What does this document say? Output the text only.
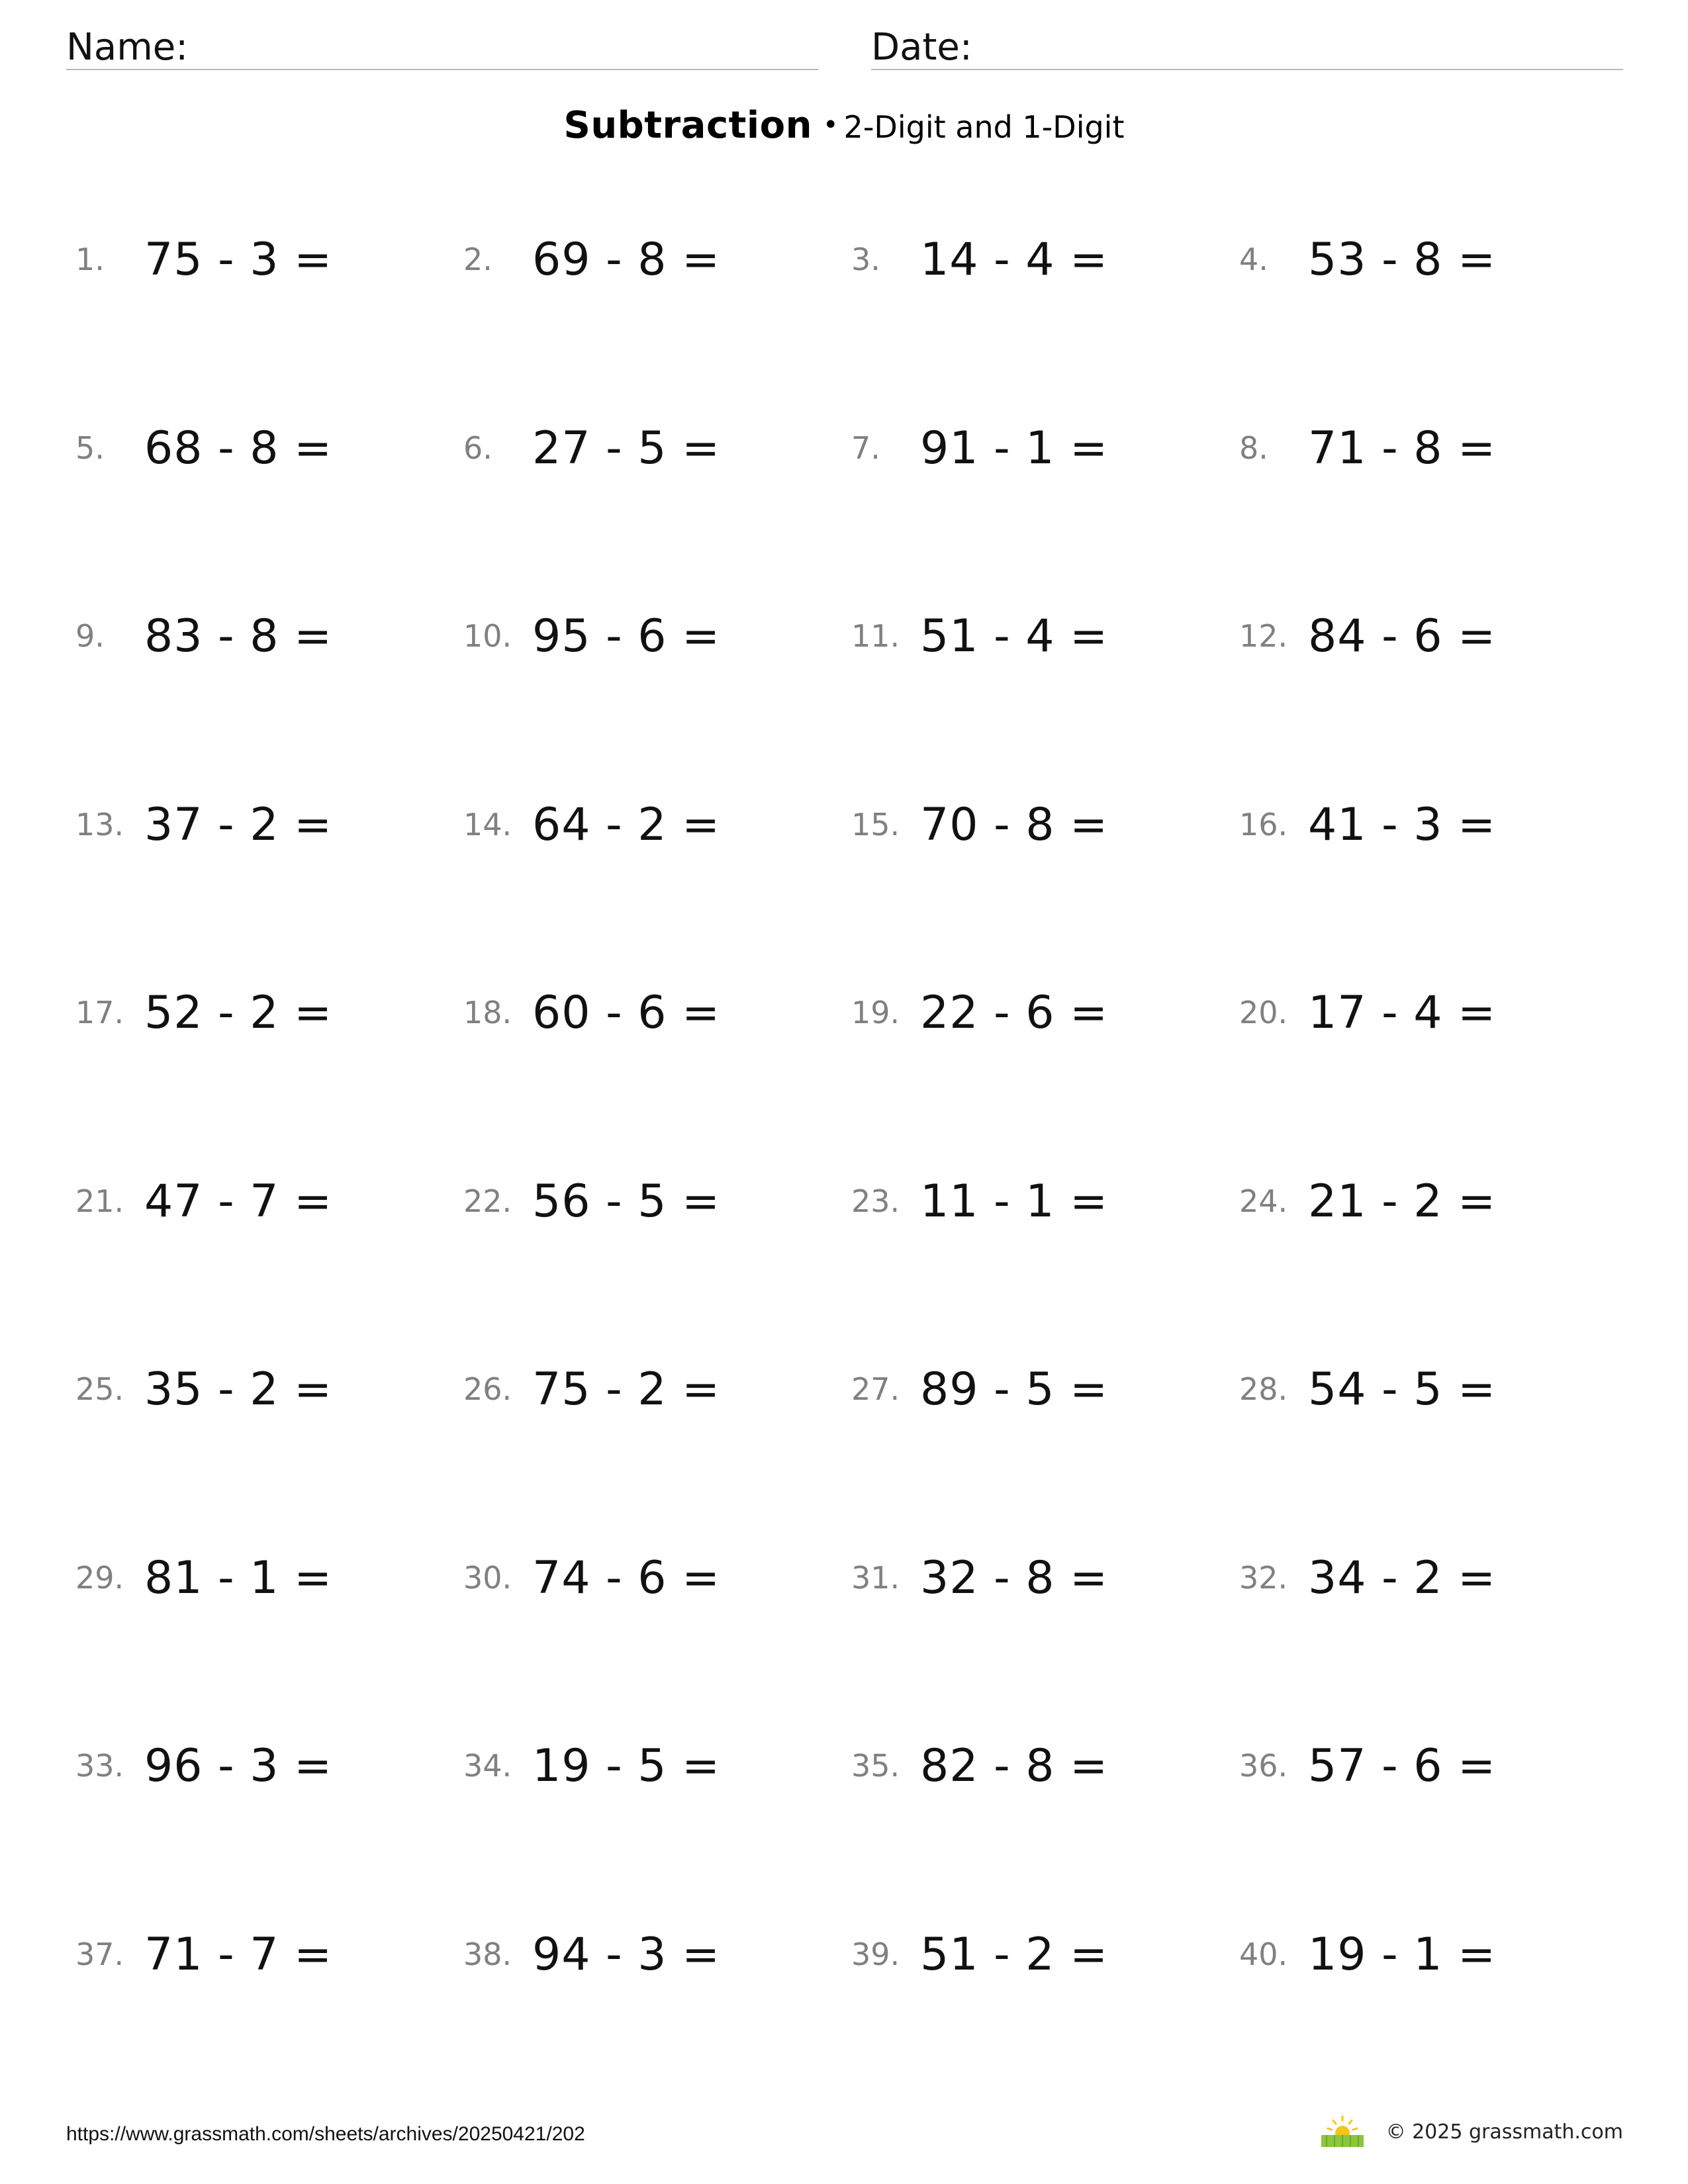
Name:	Date:
Subtraction • 2-Digit and 1-Digit
1. 75 - 3 =	2. 69 - 8 =	3. 14 - 4 =	4. 53 - 8 =
5. 68 - 8 =	6. 27 - 5 =	7. 91 - 1 =	8. 71 - 8 =
9. 83 - 8 =	10. 95 - 6 =	11. 51 - 4 =	12. 84 - 6 =
13. 37 - 2 =	14. 64 - 2 =	15. 70 - 8 =	16. 41 - 3 =
17. 52 - 2 =	18. 60 - 6 =	19. 22 - 6 =	20. 17 - 4 =
21. 47 - 7 =	22. 56 - 5 =	23. 11 - 1 =	24. 21 - 2 =
25. 35 - 2 =	26. 75 - 2 =	27. 89 - 5 =	28. 54 - 5 =
29. 81 - 1 =	30. 74 - 6 =	31. 32 - 8 =	32. 34 - 2 =
33. 96 - 3 =	34. 19 - 5 =	35. 82 - 8 =	36. 57 - 6 =
37. 71 - 7 =	38. 94 - 3 =	39. 51 - 2 =	40. 19 - 1 =
https://www.grassmath.com/sheets/archives/20250421/202	© 2025 grassmath.com
